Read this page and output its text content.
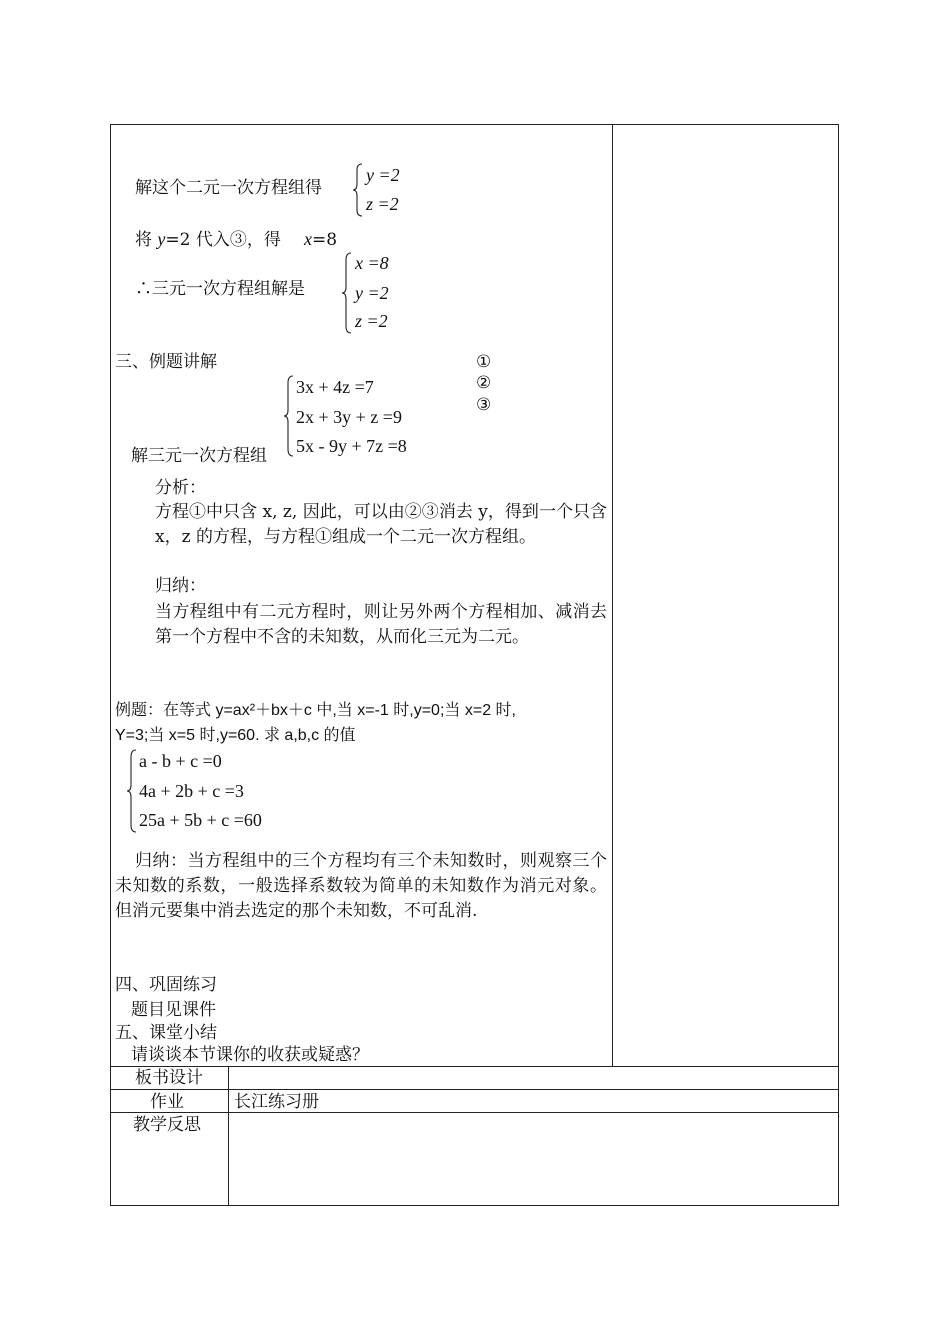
解这个二元一次方程组得
y =2
z =2
将 y=2 代入③，得 x=8
∴三元一次方程组解是
x =8
y =2
z =2
三、例题讲解	①
②
③
3x + 4z =7
2x + 3y + z =9
5x - 9y + 7z =8
解三元一次方程组
分析：
方程①中只含 x, z, 因此，可以由②③消去 y，得到一个只含 x，z 的方程，与方程①组成一个二元一次方程组。
归纳：
当方程组中有二元方程时，则让另外两个方程相加、减消去第一个方程中不含的未知数，从而化三元为二元。
例题：在等式 y=ax²＋bx＋c 中,当 x=-1 时,y=0;当 x=2 时,
Y=3;当 x=5 时,y=60. 求 a,b,c 的值
a - b + c =0
4a + 2b + c =3
25a + 5b + c =60
归纳：当方程组中的三个方程均有三个未知数时，则观察三个未知数的系数，一般选择系数较为简单的未知数作为消元对象。但消元要集中消去选定的那个未知数，不可乱消.
四、巩固练习
题目见课件
五、课堂小结
请谈谈本节课你的收获或疑惑？
板书设计
作业	长江练习册
教学反思
